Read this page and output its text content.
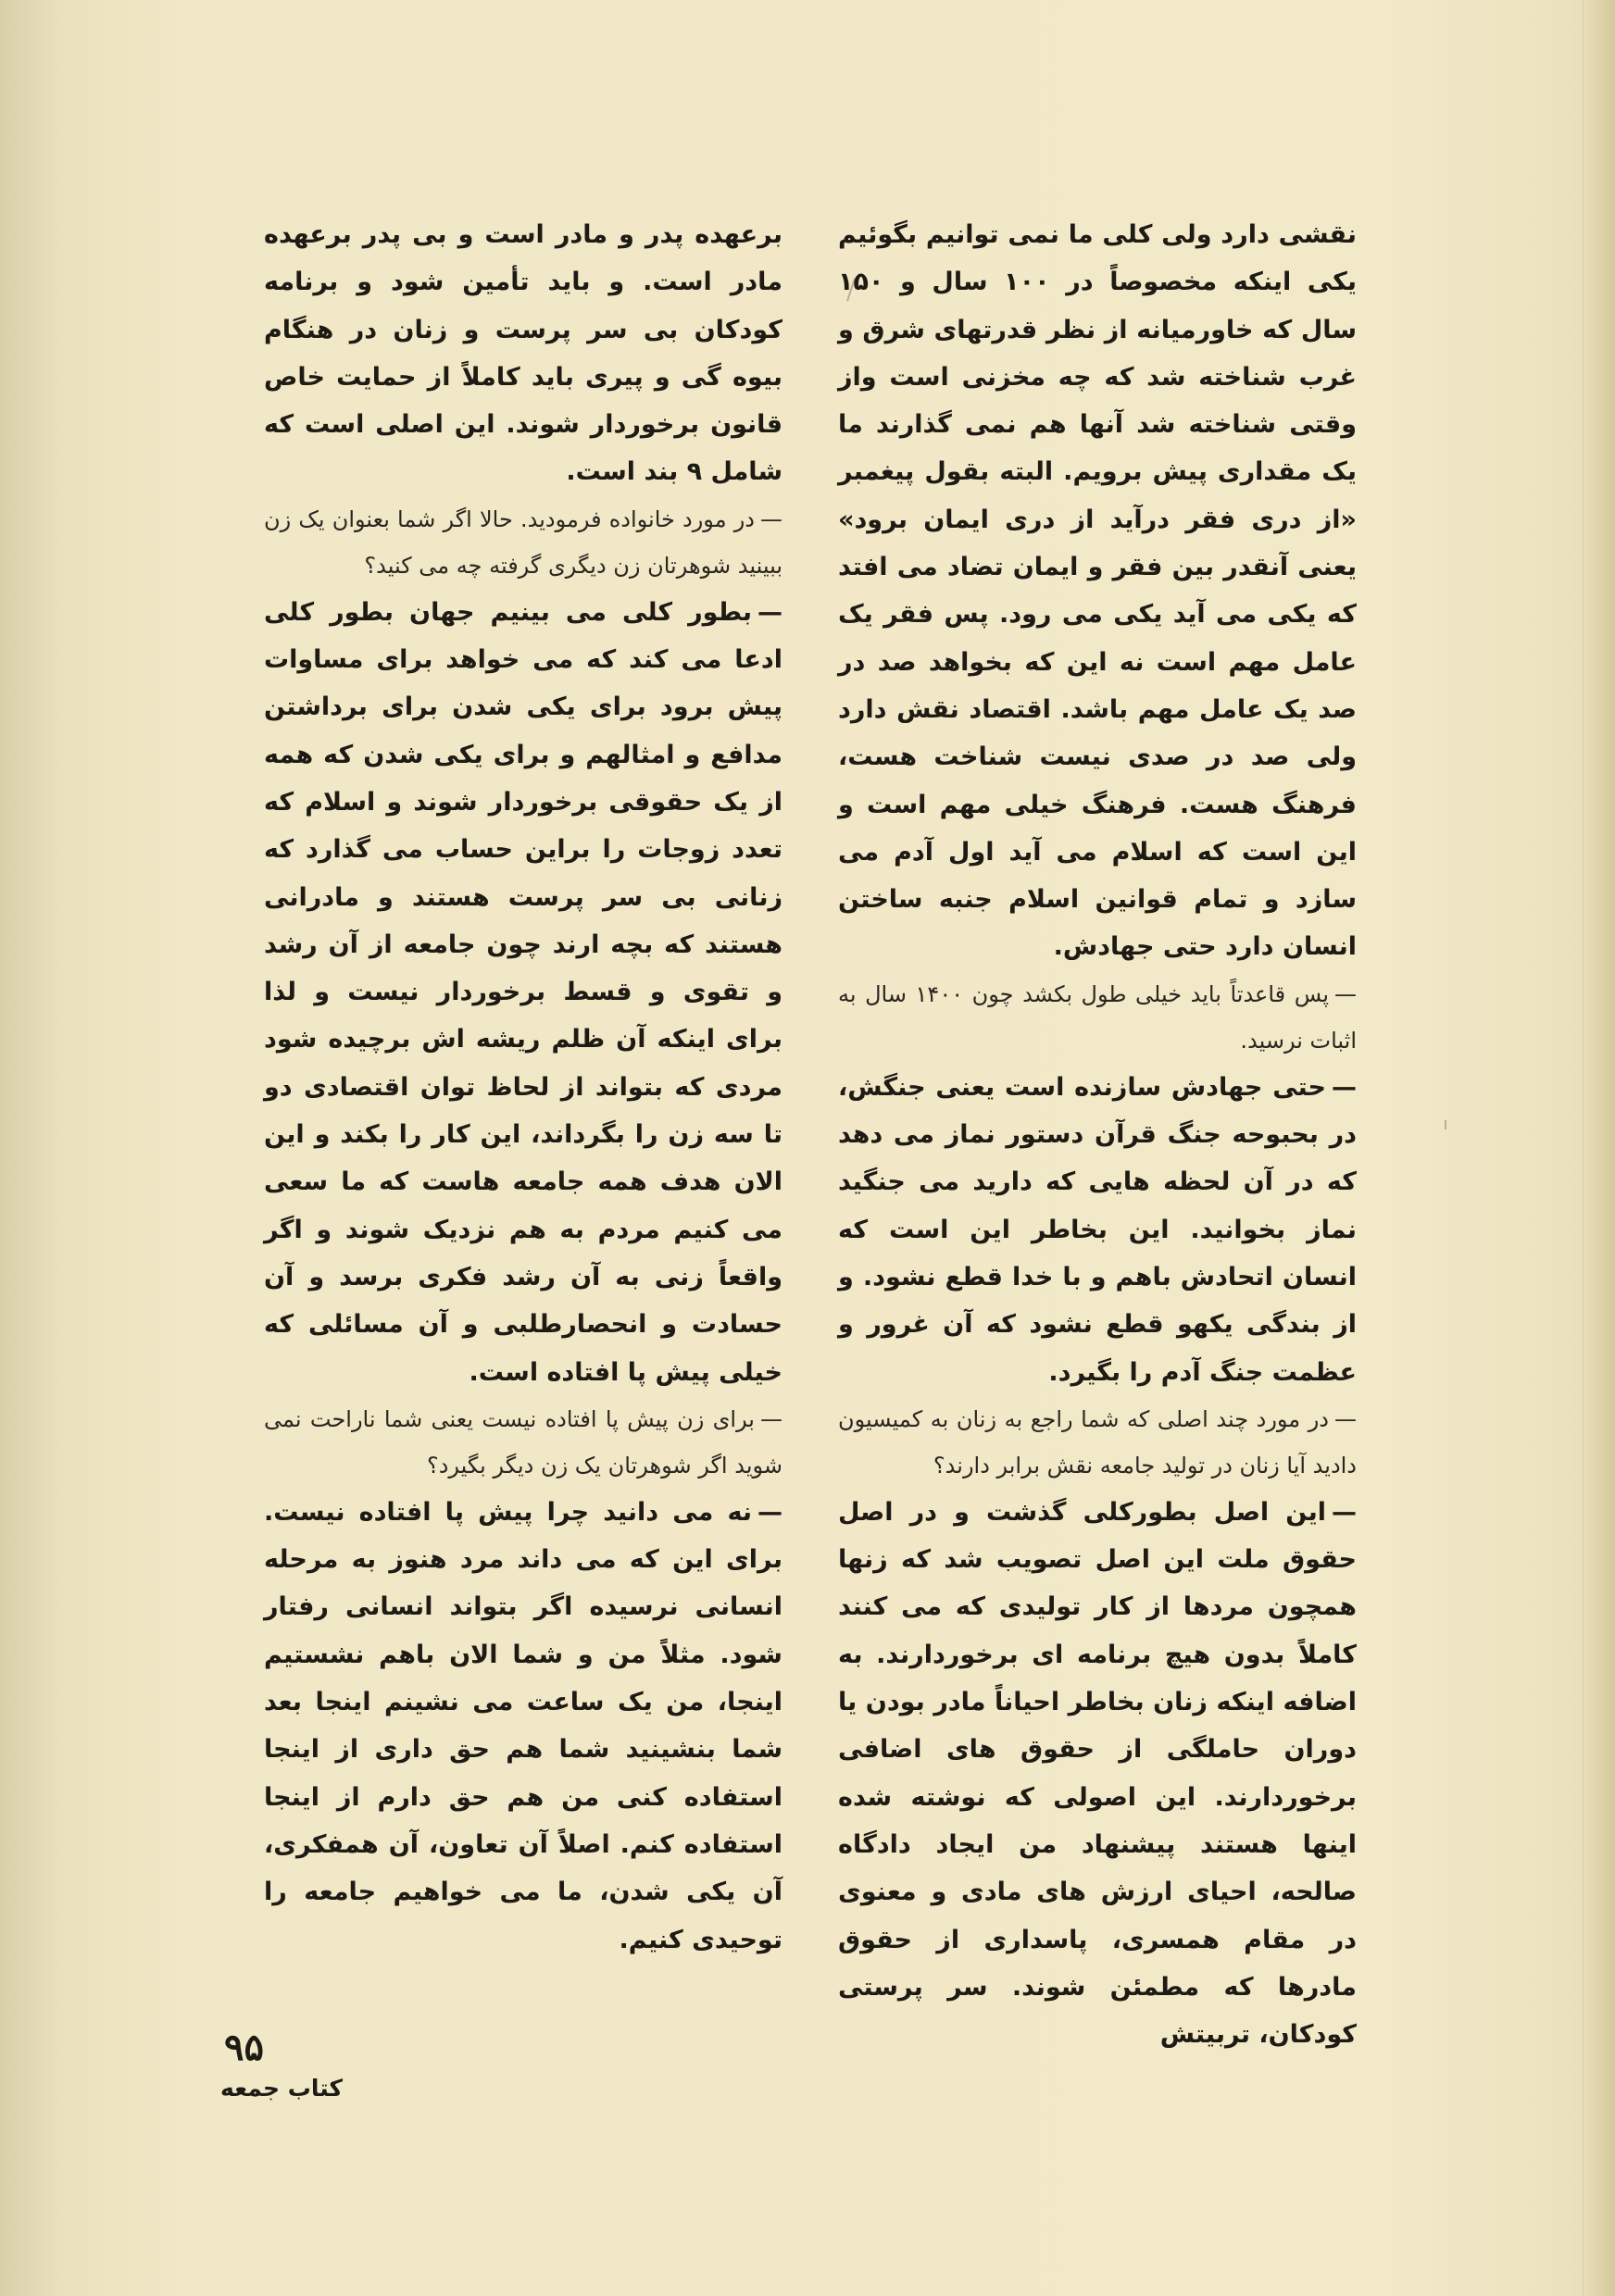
نقشی دارد ولی کلی ما نمی توانیم بگوئیم یکی اینکه مخصوصاً در ۱۰۰ سال و ۱۵۰ سال که خاورمیانه از نظر قدرتهای شرق و غرب شناخته شد که چه مخزنی است واز وقتی شناخته شد آنها هم نمی گذارند ما یک مقداری پیش برویم. البته بقول پیغمبر «از دری فقر درآید از دری ایمان برود» یعنی آنقدر بین فقر و ایمان تضاد می افتد که یکی می آید یکی می رود. پس فقر یک عامل مهم است نه این که بخواهد صد در صد یک عامل مهم باشد. اقتصاد نقش دارد ولی صد در صدی نیست شناخت هست، فرهنگ هست. فرهنگ خیلی مهم است و این است که اسلام می آید اول آدم می سازد و تمام قوانین اسلام جنبه ساختن انسان دارد حتی جهادش.

—پس قاعدتاً باید خیلی طول بکشد چون ۱۴۰۰ سال به اثبات نرسید.

—حتی جهادش سازنده است یعنی جنگش، در بحبوحه جنگ قرآن دستور نماز می دهد که در آن لحظه هایی که دارید می جنگید نماز بخوانید. این بخاطر این است که انسان اتحادش باهم و با خدا قطع نشود. و از بندگی یکهو قطع نشود که آن غرور و عظمت جنگ آدم را بگیرد.

—در مورد چند اصلی که شما راجع به زنان به کمیسیون دادید آیا زنان در تولید جامعه نقش برابر دارند؟

—این اصل بطورکلی گذشت و در اصل حقوق ملت این اصل تصویب شد که زنها همچون مردها از کار تولیدی که می کنند کاملاً بدون هیچ برنامه ای برخوردارند. به اضافه اینکه زنان بخاطر احیاناً مادر بودن یا دوران حاملگی از حقوق های اضافی برخوردارند. این اصولی که نوشته شده اینها هستند پیشنهاد من ایجاد دادگاه صالحه، احیای ارزش های مادی و معنوی در مقام همسری، پاسداری از حقوق مادرها که مطمئن شوند. سر پرستی کودکان، تربیتش

برعهده پدر و مادر است و بی پدر برعهده مادر است. و باید تأمین شود و برنامه کودکان بی سر پرست و زنان در هنگام بیوه گی و پیری باید کاملاً از حمایت خاص قانون برخوردار شوند. این اصلی است که شامل ۹ بند است.

—در مورد خانواده فرمودید. حالا اگر شما بعنوان یک زن ببینید شوهرتان زن دیگری گرفته چه می کنید؟

—بطور کلی می بینیم جهان بطور کلی ادعا می کند که می خواهد برای مساوات پیش برود برای یکی شدن برای برداشتن مدافع و امثالهم و برای یکی شدن که همه از یک حقوقی برخوردار شوند و اسلام که تعدد زوجات را براین حساب می گذارد که زنانی بی سر پرست هستند و مادرانی هستند که بچه ارند چون جامعه از آن رشد و تقوی و قسط برخوردار نیست و لذا برای اینکه آن ظلم ریشه اش برچیده شود مردی که بتواند از لحاظ توان اقتصادی دو تا سه زن را بگرداند، این کار را بکند و این الان هدف همه جامعه هاست که ما سعی می کنیم مردم به هم نزدیک شوند و اگر واقعاً زنی به آن رشد فکری برسد و آن حسادت و انحصارطلبی و آن مسائلی که خیلی پیش پا افتاده است.

—برای زن پیش پا افتاده نیست یعنی شما ناراحت نمی شوید اگر شوهرتان یک زن دیگر بگیرد؟

—نه می دانید چرا پیش پا افتاده نیست. برای این که می داند مرد هنوز به مرحله انسانی نرسیده اگر بتواند انسانی رفتار شود. مثلاً من و شما الان باهم نشستیم اینجا، من یک ساعت می نشینم اینجا بعد شما بنشینید شما هم حق داری از اینجا استفاده کنی من هم حق دارم از اینجا استفاده کنم. اصلاً آن تعاون، آن همفکری، آن یکی شدن، ما می خواهیم جامعه را توحیدی کنیم.

۹۵
کتاب جمعه
